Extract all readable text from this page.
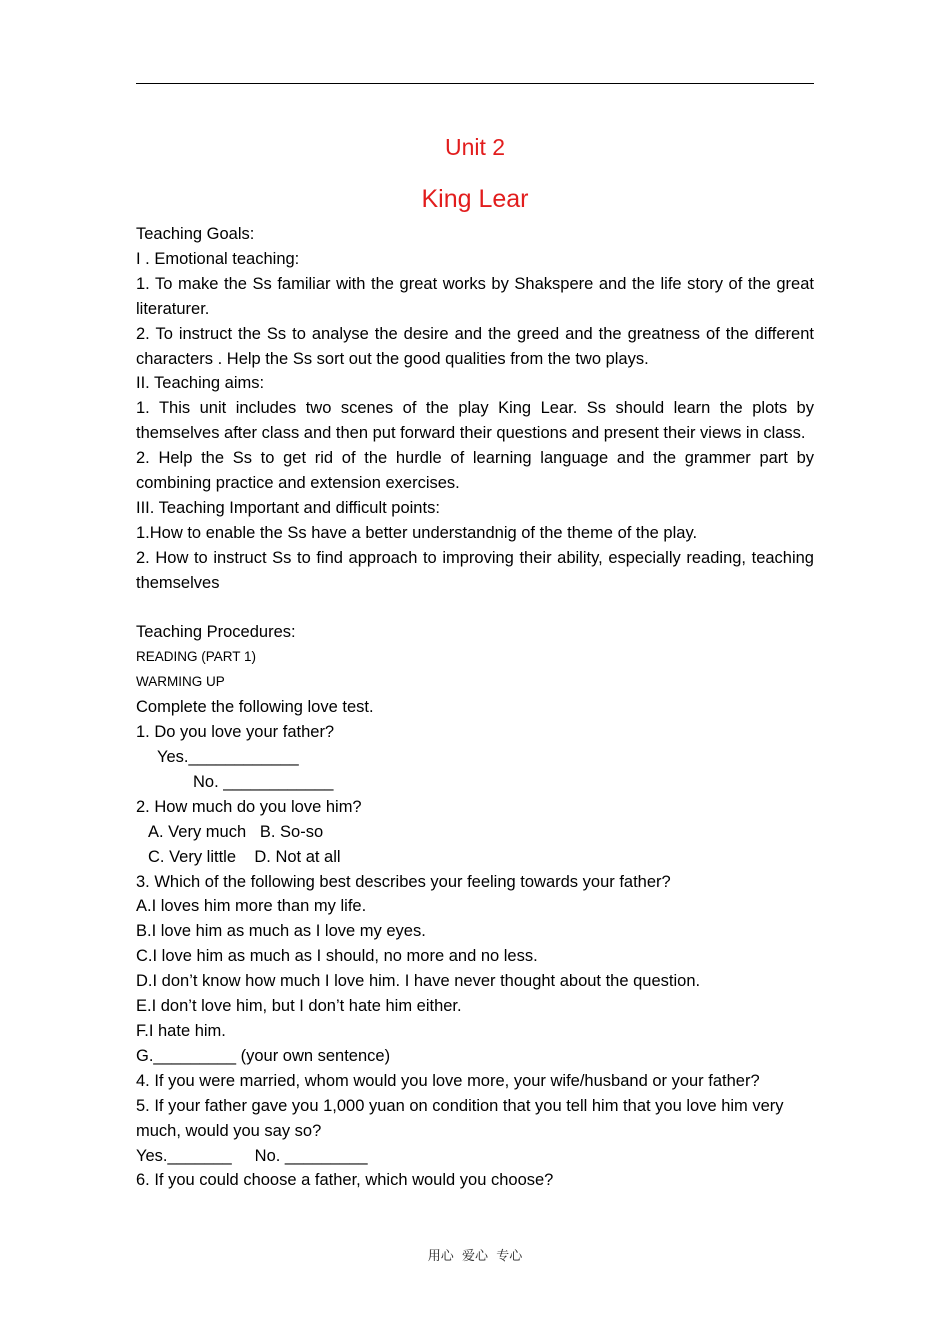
Unit 2
King Lear

Teaching Goals:

I . Emotional teaching:

1. To make the Ss familiar with the great works by Shakspere and the life story of the great literaturer.

2. To instruct the Ss to analyse the desire and the greed and the greatness of the different characters . Help the Ss sort out the good qualities from the two plays.

II. Teaching aims:

1. This unit includes two scenes of the play King Lear. Ss should learn the plots by themselves after class and then put forward their questions and present their views in class.

2. Help the Ss to get rid of the hurdle of learning language and the grammer part by combining practice and extension exercises.

III. Teaching Important and difficult points:

1.How to enable the Ss have a better understandnig of the theme of the play.

2. How to instruct Ss to find approach to improving their ability, especially reading, teaching themselves

Teaching Procedures:

READING (PART 1)

WARMING UP

Complete the following love test.

1. Do you love your father?

Yes.____________

No. ____________

2. How much do you love him?

A. Very much   B. So-so

C. Very little    D. Not at all

3. Which of the following best describes your feeling towards your father?

A.I loves him more than my life.

B.I love him as much as I love my eyes.

C.I love him as much as I should, no more and no less.

D.I don’t know how much I love him. I have never thought about the question.

E.I don’t love him, but I don’t hate him either.

F.I hate him.

G._________ (your own sentence)

4. If you were married, whom would you love more, your wife/husband or your father?

5. If your father gave you 1,000 yuan on condition that you tell him that you love him very much, would you say so?

Yes._______     No. _________

6. If you could choose a father, which would you choose?

用心  爱心  专心
